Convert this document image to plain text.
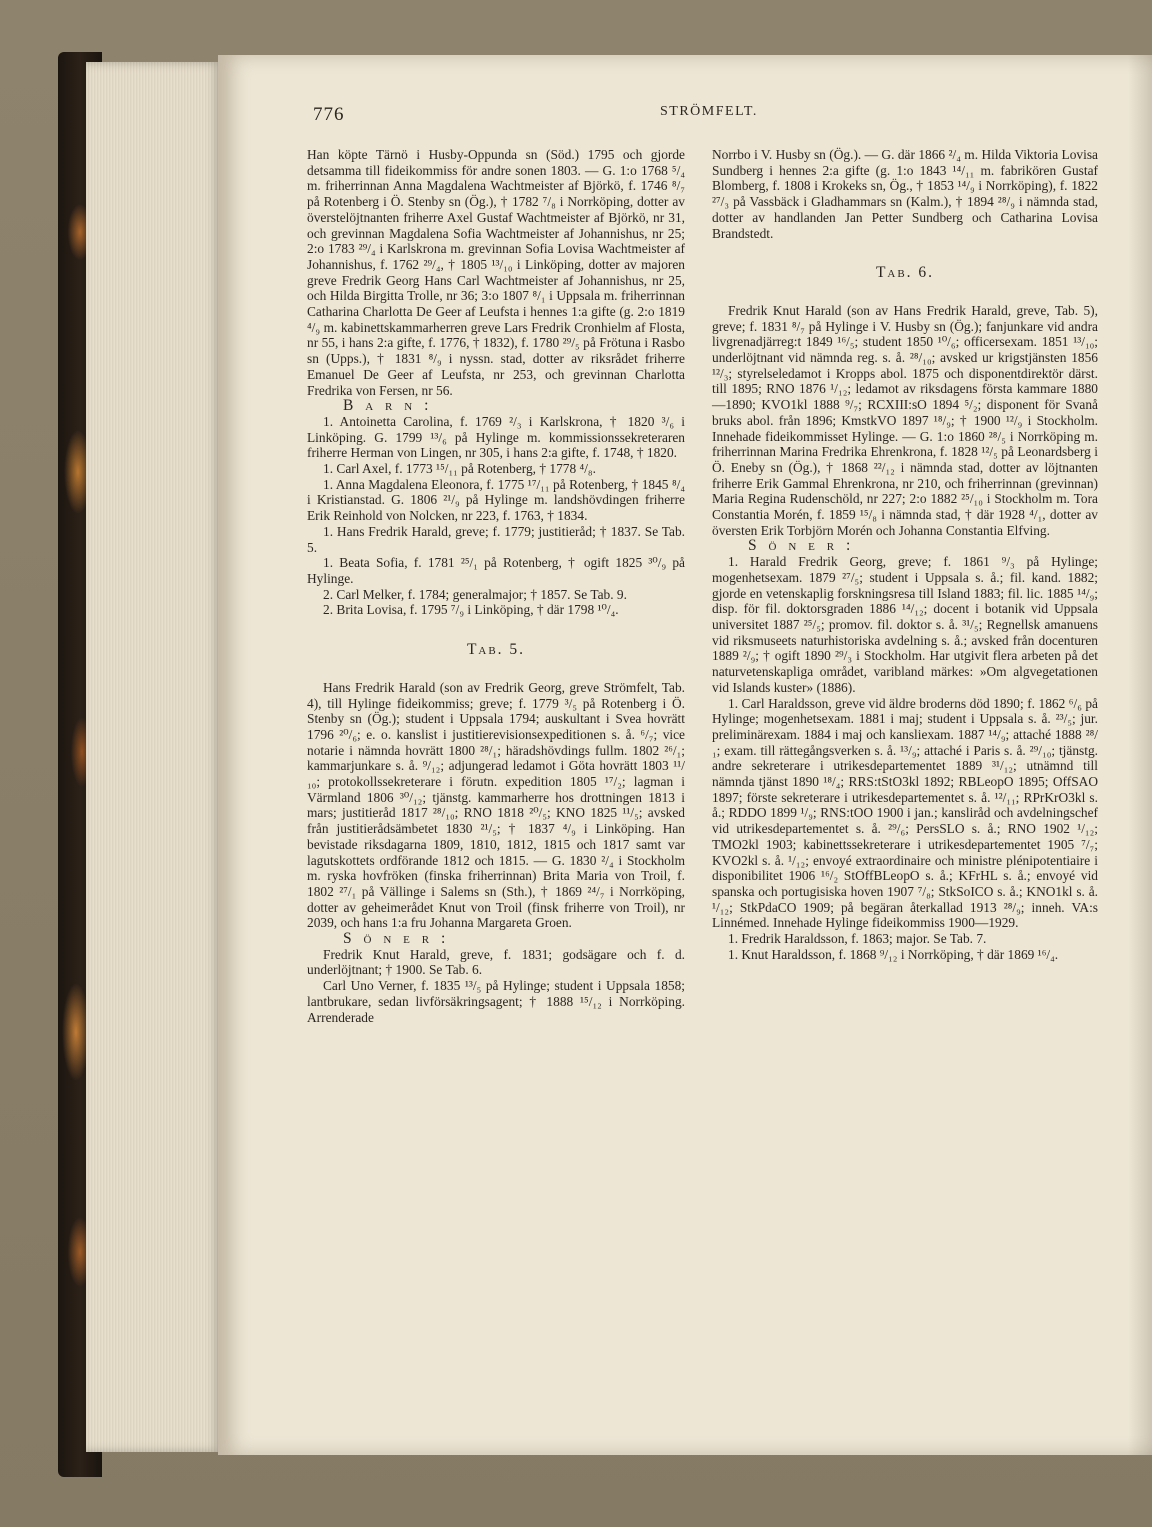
776	STRÖMFELT.

Han köpte Tärnö i Husby-Oppunda sn (Söd.) 1795 och gjorde detsamma till fideikommiss för andre sonen 1803. — G. 1:o 1768 ⁵/₄ m. friherrinnan Anna Magdalena Wachtmeister af Björkö, f. 1746 ⁸/₇ på Rotenberg i Ö. Stenby sn (Ög.), † 1782 ⁷/₈ i Norrköping, dotter av överstelöjtnanten friherre Axel Gustaf Wachtmeister af Björkö, nr 31, och grevinnan Magdalena Sofia Wachtmeister af Johannishus, nr 25; 2:o 1783 ²⁹/₄ i Karlskrona m. grevinnan Sofia Lovisa Wachtmeister af Johannishus, f. 1762 ²⁹/₄, † 1805 ¹³/₁₀ i Linköping, dotter av majoren greve Fredrik Georg Hans Carl Wachtmeister af Johannishus, nr 25, och Hilda Birgitta Trolle, nr 36; 3:o 1807 ⁸/₁ i Uppsala m. friherrinnan Catharina Charlotta De Geer af Leufsta i hennes 1:a gifte (g. 2:o 1819 ⁴/₉ m. kabinettskammarherren greve Lars Fredrik Cronhielm af Flosta, nr 55, i hans 2:a gifte, f. 1776, † 1832), f. 1780 ²⁹/₅ på Frötuna i Rasbo sn (Upps.), † 1831 ⁸/₉ i nyssn. stad, dotter av riksrådet friherre Emanuel De Geer af Leufsta, nr 253, och grevinnan Charlotta Fredrika von Fersen, nr 56.

B a r n :

1. Antoinetta Carolina, f. 1769 ²/₃ i Karlskrona, † 1820 ³/₆ i Linköping. G. 1799 ¹³/₆ på Hylinge m. kommissionssekreteraren friherre Herman von Lingen, nr 305, i hans 2:a gifte, f. 1748, † 1820.

1. Carl Axel, f. 1773 ¹⁵/₁₁ på Rotenberg, † 1778 ⁴/₈.

1. Anna Magdalena Eleonora, f. 1775 ¹⁷/₁₁ på Rotenberg, † 1845 ⁸/₄ i Kristianstad. G. 1806 ²¹/₉ på Hylinge m. landshövdingen friherre Erik Reinhold von Nolcken, nr 223, f. 1763, † 1834.

1. Hans Fredrik Harald, greve; f. 1779; justitieråd; † 1837. Se Tab. 5.

1. Beata Sofia, f. 1781 ²⁵/₁ på Rotenberg, † ogift 1825 ³⁰/₉ på Hylinge.

2. Carl Melker, f. 1784; generalmajor; † 1857. Se Tab. 9.

2. Brita Lovisa, f. 1795 ⁷/₉ i Linköping, † där 1798 ¹⁰/₄.

Tab. 5.

Hans Fredrik Harald (son av Fredrik Georg, greve Strömfelt, Tab. 4), till Hylinge fideikommiss; greve; f. 1779 ³/₅ på Rotenberg i Ö. Stenby sn (Ög.); student i Uppsala 1794; auskultant i Svea hovrätt 1796 ²⁰/₆; e. o. kanslist i justitierevisionsexpeditionen s. å. ⁶/₇; vice notarie i nämnda hovrätt 1800 ²⁸/₁; häradshövdings fullm. 1802 ²⁶/₁; kammarjunkare s. å. ⁹/₁₂; adjungerad ledamot i Göta hovrätt 1803 ¹¹/₁₀; protokollssekreterare i förutn. expedition 1805 ¹⁷/₂; lagman i Värmland 1806 ³⁰/₁₂; tjänstg. kammarherre hos drottningen 1813 i mars; justitieråd 1817 ²⁸/₁₀; RNO 1818 ²⁰/₅; KNO 1825 ¹¹/₅; avsked från justitierådsämbetet 1830 ²¹/₅; † 1837 ⁴/₉ i Linköping. Han bevistade riksdagarna 1809, 1810, 1812, 1815 och 1817 samt var lagutskottets ordförande 1812 och 1815. — G. 1830 ²/₄ i Stockholm m. ryska hovfröken (finska friherrinnan) Brita Maria von Troil, f. 1802 ²⁷/₁ på Vällinge i Salems sn (Sth.), † 1869 ²⁴/₇ i Norrköping, dotter av geheimerådet Knut von Troil (finsk friherre von Troil), nr 2039, och hans 1:a fru Johanna Margareta Groen.

S ö n e r :

Fredrik Knut Harald, greve, f. 1831; godsägare och f. d. underlöjtnant; † 1900. Se Tab. 6.

Carl Uno Verner, f. 1835 ¹³/₅ på Hylinge; student i Uppsala 1858; lantbrukare, sedan livförsäkringsagent; † 1888 ¹⁵/₁₂ i Norrköping. Arrenderade

Norrbo i V. Husby sn (Ög.). — G. där 1866 ²/₄ m. Hilda Viktoria Lovisa Sundberg i hennes 2:a gifte (g. 1:o 1843 ¹⁴/₁₁ m. fabrikören Gustaf Blomberg, f. 1808 i Krokeks sn, Ög., † 1853 ¹⁴/₉ i Norrköping), f. 1822 ²⁷/₃ på Vassbäck i Gladhammars sn (Kalm.), † 1894 ²⁸/₉ i nämnda stad, dotter av handlanden Jan Petter Sundberg och Catharina Lovisa Brandstedt.

Tab. 6.

Fredrik Knut Harald (son av Hans Fredrik Harald, greve, Tab. 5), greve; f. 1831 ⁸/₇ på Hylinge i V. Husby sn (Ög.); fanjunkare vid andra livgrenadjärreg:t 1849 ¹⁶/₅; student 1850 ¹⁰/₆; officersexam. 1851 ¹³/₁₀; underlöjtnant vid nämnda reg. s. å. ²⁸/₁₀; avsked ur krigstjänsten 1856 ¹²/₃; styrelseledamot i Kropps abol. 1875 och disponentdirektör därst. till 1895; RNO 1876 ¹/₁₂; ledamot av riksdagens första kammare 1880—1890; KVO1kl 1888 ⁹/₇; RCXIII:sO 1894 ⁵/₂; disponent för Svanå bruks abol. från 1896; KmstkVO 1897 ¹⁸/₉; † 1900 ¹²/₉ i Stockholm. Innehade fideikommisset Hylinge. — G. 1:o 1860 ²⁸/₅ i Norrköping m. friherrinnan Marina Fredrika Ehrenkrona, f. 1828 ¹²/₅ på Leonardsberg i Ö. Eneby sn (Ög.), † 1868 ²²/₁₂ i nämnda stad, dotter av löjtnanten friherre Erik Gammal Ehrenkrona, nr 210, och friherrinnan (grevinnan) Maria Regina Rudenschöld, nr 227; 2:o 1882 ²⁵/₁₀ i Stockholm m. Tora Constantia Morén, f. 1859 ¹⁵/₈ i nämnda stad, † där 1928 ⁴/₁, dotter av översten Erik Torbjörn Morén och Johanna Constantia Elfving.

S ö n e r :

1. Harald Fredrik Georg, greve; f. 1861 ⁹/₃ på Hylinge; mogenhetsexam. 1879 ²⁷/₅; student i Uppsala s. å.; fil. kand. 1882; gjorde en vetenskaplig forskningsresa till Island 1883; fil. lic. 1885 ¹⁴/₉; disp. för fil. doktorsgraden 1886 ¹⁴/₁₂; docent i botanik vid Uppsala universitet 1887 ²⁵/₅; promov. fil. doktor s. å. ³¹/₅; Regnellsk amanuens vid riksmuseets naturhistoriska avdelning s. å.; avsked från docenturen 1889 ²/₉; † ogift 1890 ²⁹/₃ i Stockholm. Har utgivit flera arbeten på det naturvetenskapliga området, varibland märkes: »Om algvegetationen vid Islands kuster» (1886).

1. Carl Haraldsson, greve vid äldre broderns död 1890; f. 1862 ⁶/₆ på Hylinge; mogenhetsexam. 1881 i maj; student i Uppsala s. å. ²³/₅; jur. preliminärexam. 1884 i maj och kansliexam. 1887 ¹⁴/₉; attaché 1888 ²⁸/₁; exam. till rättegångsverken s. å. ¹³/₉; attaché i Paris s. å. ²⁹/₁₀; tjänstg. andre sekreterare i utrikesdepartementet 1889 ³¹/₁₂; utnämnd till nämnda tjänst 1890 ¹⁸/₄; RRS:tStO3kl 1892; RBLeopO 1895; OffSAO 1897; förste sekreterare i utrikesdepartementet s. å. ¹²/₁₁; RPrKrO3kl s. å.; RDDO 1899 ¹/₉; RNS:tOO 1900 i jan.; kansliråd och avdelningschef vid utrikesdepartementet s. å. ²⁹/₆; PersSLO s. å.; RNO 1902 ¹/₁₂; TMO2kl 1903; kabinettssekreterare i utrikesdepartementet 1905 ⁷/₇; KVO2kl s. å. ¹/₁₂; envoyé extraordinaire och ministre plénipotentiaire i disponibilitet 1906 ¹⁶/₂ StOffBLeopO s. å.; KFrHL s. å.; envoyé vid spanska och portugisiska hoven 1907 ⁷/₈; StkSoICO s. å.; KNO1kl s. å. ¹/₁₂; StkPdaCO 1909; på begäran återkallad 1913 ²⁸/₉; inneh. VA:s Linnémed. Innehade Hylinge fideikommiss 1900—1929.

1. Fredrik Haraldsson, f. 1863; major. Se Tab. 7.

1. Knut Haraldsson, f. 1868 ⁹/₁₂ i Norrköping, † där 1869 ¹⁶/₄.
